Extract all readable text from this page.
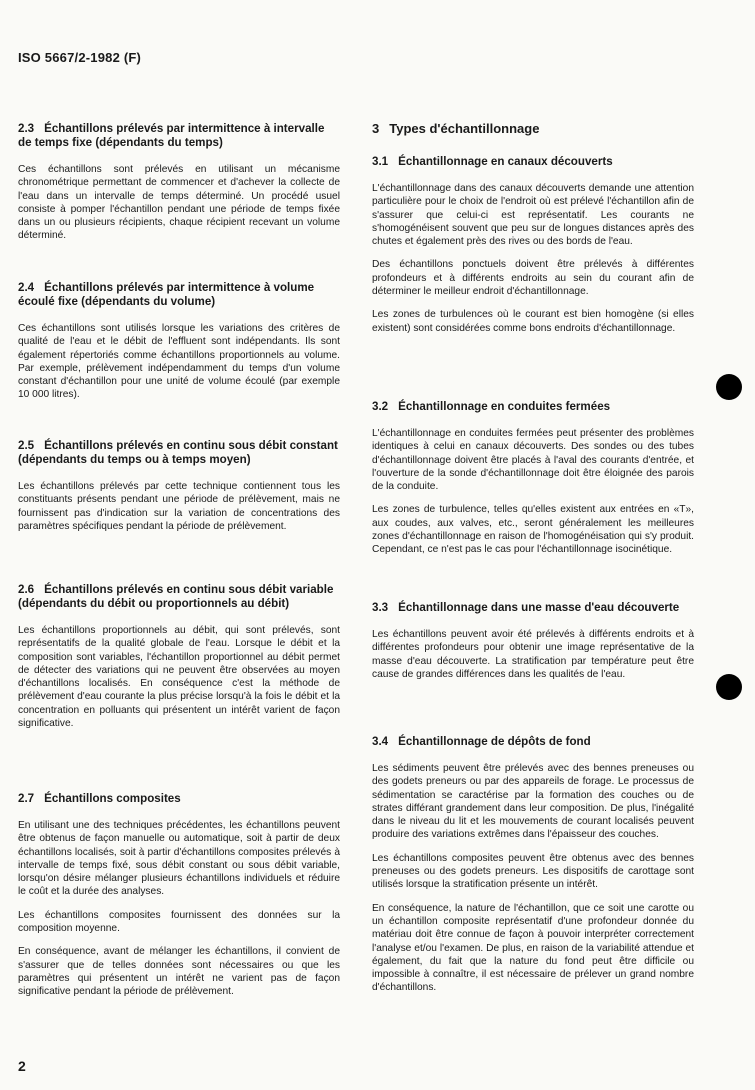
ISO 5667/2-1982 (F)
2.3 Échantillons prélevés par intermittence à intervalle de temps fixe (dépendants du temps)

Ces échantillons sont prélevés en utilisant un mécanisme chronométrique permettant de commencer et d'achever la collecte de l'eau dans un intervalle de temps déterminé. Un procédé usuel consiste à pomper l'échantillon pendant une période de temps fixée dans un ou plusieurs récipients, chaque récipient recevant un volume déterminé.

2.4 Échantillons prélevés par intermittence à volume écoulé fixe (dépendants du volume)

Ces échantillons sont utilisés lorsque les variations des critères de qualité de l'eau et le débit de l'effluent sont indépendants. Ils sont également répertoriés comme échantillons proportionnels au volume. Par exemple, prélèvement indépendamment du temps d'un volume constant d'échantillon pour une unité de volume écoulé (par exemple 10 000 litres).

2.5 Échantillons prélevés en continu sous débit constant (dépendants du temps ou à temps moyen)

Les échantillons prélevés par cette technique contiennent tous les constituants présents pendant une période de prélèvement, mais ne fournissent pas d'indication sur la variation de concentrations des paramètres spécifiques pendant la période de prélèvement.

2.6 Échantillons prélevés en continu sous débit variable (dépendants du débit ou proportionnels au débit)

Les échantillons proportionnels au débit, qui sont prélevés, sont représentatifs de la qualité globale de l'eau. Lorsque le débit et la composition sont variables, l'échantillon proportionnel au débit permet de détecter des variations qui ne peuvent être observées au moyen d'échantillons localisés. En conséquence c'est la méthode de prélèvement d'eau courante la plus précise lorsqu'à la fois le débit et la concentration en polluants qui présentent un intérêt varient de façon significative.

2.7 Échantillons composites

En utilisant une des techniques précédentes, les échantillons peuvent être obtenus de façon manuelle ou automatique, soit à partir de deux échantillons localisés, soit à partir d'échantillons composites prélevés à intervalle de temps fixé, sous débit constant ou sous débit variable, lorsqu'on désire mélanger plusieurs échantillons individuels et réduire le coût et la durée des analyses.

Les échantillons composites fournissent des données sur la composition moyenne.

En conséquence, avant de mélanger les échantillons, il convient de s'assurer que de telles données sont nécessaires ou que les paramètres qui présentent un intérêt ne varient pas de façon significative pendant la période de prélèvement.

3 Types d'échantillonnage
3.1 Échantillonnage en canaux découverts

L'échantillonnage dans des canaux découverts demande une attention particulière pour le choix de l'endroit où est prélevé l'échantillon afin de s'assurer que celui-ci est représentatif. Les courants ne s'homogénéisent souvent que peu sur de longues distances après des chutes et également près des rives ou des bords de l'eau.

Des échantillons ponctuels doivent être prélevés à différentes profondeurs et à différents endroits au sein du courant afin de déterminer le meilleur endroit d'échantillonnage.

Les zones de turbulences où le courant est bien homogène (si elles existent) sont considérées comme bons endroits d'échantillonnage.

3.2 Échantillonnage en conduites fermées

L'échantillonnage en conduites fermées peut présenter des problèmes identiques à celui en canaux découverts. Des sondes ou des tubes d'échantillonnage doivent être placés à l'aval des courants d'entrée, et l'ouverture de la sonde d'échantillonnage doit être éloignée des parois de la conduite.

Les zones de turbulence, telles qu'elles existent aux entrées en «T», aux coudes, aux valves, etc., seront généralement les meilleures zones d'échantillonnage en raison de l'homogénéisation qui s'y produit. Cependant, ce n'est pas le cas pour l'échantillonnage isocinétique.

3.3 Échantillonnage dans une masse d'eau découverte

Les échantillons peuvent avoir été prélevés à différents endroits et à différentes profondeurs pour obtenir une image représentative de la masse d'eau découverte. La stratification par température peut être cause de grandes différences dans les qualités de l'eau.

3.4 Échantillonnage de dépôts de fond

Les sédiments peuvent être prélevés avec des bennes preneuses ou des godets preneurs ou par des appareils de forage. Le processus de sédimentation se caractérise par la formation des couches ou de strates différant grandement dans leur composition. De plus, l'inégalité dans le niveau du lit et les mouvements de courant localisés peuvent produire des variations extrêmes dans l'épaisseur des couches.

Les échantillons composites peuvent être obtenus avec des bennes preneuses ou des godets preneurs. Les dispositifs de carottage sont utilisés lorsque la stratification présente un intérêt.

En conséquence, la nature de l'échantillon, que ce soit une carotte ou un échantillon composite représentatif d'une profondeur donnée du matériau doit être connue de façon à pouvoir interpréter correctement l'analyse et/ou l'examen. De plus, en raison de la variabilité attendue et également, du fait que la nature du fond peut être difficile ou impossible à connaître, il est nécessaire de prélever un grand nombre d'échantillons.

2
